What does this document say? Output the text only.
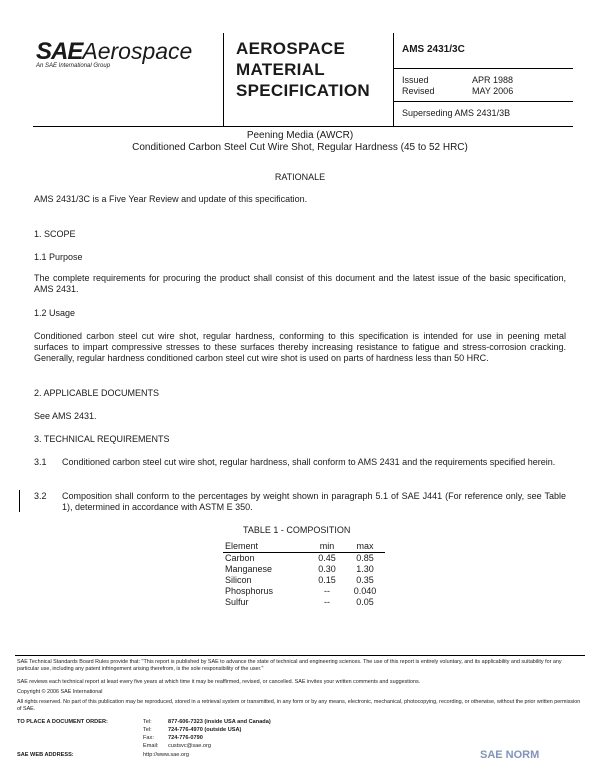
SAEAerospace
An SAE International Group
AEROSPACE
MATERIAL
SPECIFICATION
AMS 2431/3C
Issued	APR 1988
Revised	MAY 2006
Superseding AMS 2431/3B
Peening Media (AWCR)
Conditioned Carbon Steel Cut Wire Shot, Regular Hardness (45 to 52 HRC)
RATIONALE
AMS 2431/3C is a Five Year Review and update of this specification.
1. SCOPE
1.1 Purpose
The complete requirements for procuring the product shall consist of this document and the latest issue of the basic specification, AMS 2431.
1.2 Usage
Conditioned carbon steel cut wire shot, regular hardness, conforming to this specification is intended for use in peening metal surfaces to impart compressive stresses to these surfaces thereby increasing resistance to fatigue and stress-corrosion cracking. Generally, regular hardness conditioned carbon steel cut wire shot is used on parts of hardness less than 50 HRC.
2. APPLICABLE DOCUMENTS
See AMS 2431.
3. TECHNICAL REQUIREMENTS
3.1 Conditioned carbon steel cut wire shot, regular hardness, shall conform to AMS 2431 and the requirements specified herein.
3.2 Composition shall conform to the percentages by weight shown in paragraph 5.1 of SAE J441 (For reference only, see Table 1), determined in accordance with ASTM E 350.
TABLE 1 - COMPOSITION
Element	min	max
Carbon	0.45	0.85
Manganese	0.30	1.30
Silicon	0.15	0.35
Phosphorus	--	0.040
Sulfur	--	0.05
SAE Technical Standards Board Rules provide that: "This report is published by SAE to advance the state of technical and engineering sciences. The use of this report is entirely voluntary, and its applicability and suitability for any particular use, including any patent infringement arising therefrom, is the sole responsibility of the user."
SAE reviews each technical report at least every five years at which time it may be reaffirmed, revised, or cancelled. SAE invites your written comments and suggestions.
Copyright © 2006 SAE International
All rights reserved. No part of this publication may be reproduced, stored in a retrieval system or transmitted, in any form or by any means, electronic, mechanical, photocopying, recording, or otherwise, without the prior written permission of SAE.
TO PLACE A DOCUMENT ORDER:	Tel:	877-606-7323 (inside USA and Canada)
Tel:	724-776-4970 (outside USA)
Fax:	724-776-0790
Email: custsvc@sae.org
SAE WEB ADDRESS:	http://www.sae.org	SAE NORM
